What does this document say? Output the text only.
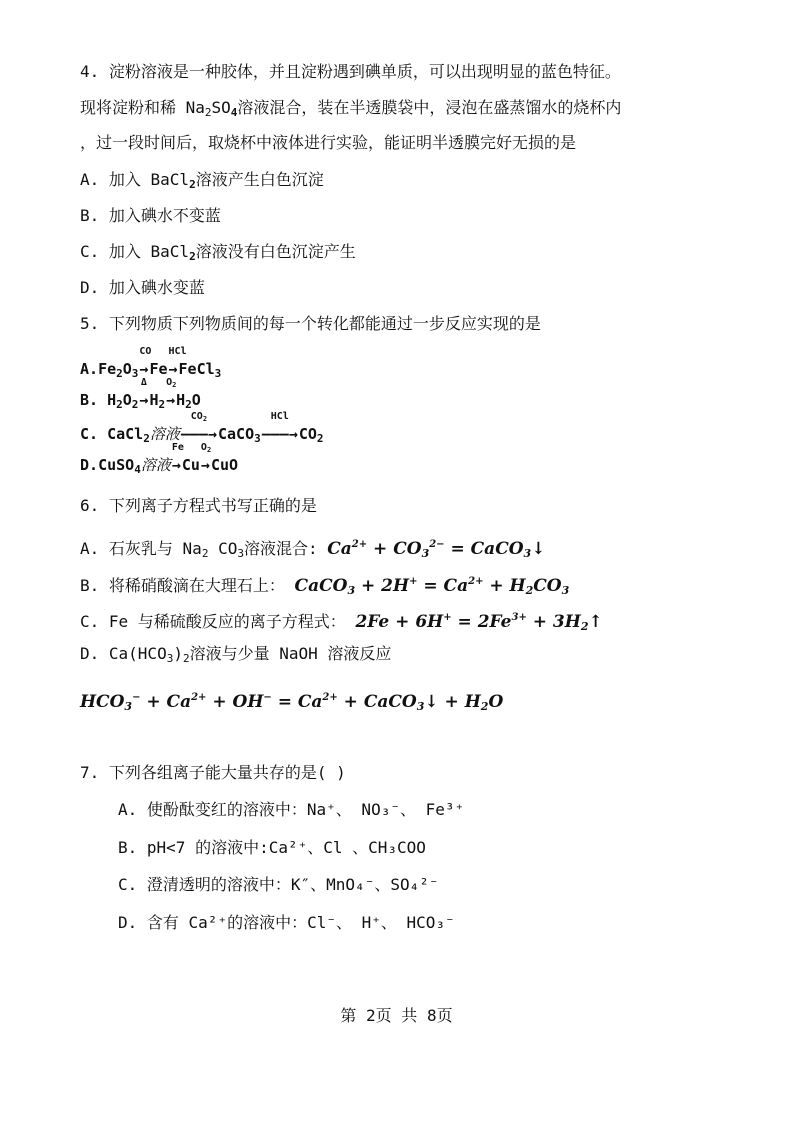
4. 淀粉溶液是一种胶体，并且淀粉遇到碘单质，可以出现明显的蓝色特征。
现将淀粉和稀 $Na_2SO_4$溶液混合，装在半透膜袋中，浸泡在盛蒸馏水的烧杯内
，过一段时间后，取烧杯中液体进行实验，能证明半透膜完好无损的是
A. 加入 BaCl$_2$溶液产生白色沉淀
B. 加入碘水不变蓝
C. 加入 BaCl$_2$溶液没有白色沉淀产生
D. 加入碘水变蓝
5. 下列物质下列物质间的每一个转化都能通过一步反应实现的是
$A.Fe_2O_3$
CO
→Fe
HCl
→FeCl$_3$
B. $H_2O_2$
Δ
$\to H_2$
$O_2$
$\to H_2O$
C. CaCl$_2$溶液
$CO_2$
———→CaCO$_3$
HCl
$———\to CO_2$
D.CuSO$_4$溶液
Fe
→Cu
$O_2$
→CuO
6. 下列离子方程式书写正确的是
A. 石灰乳与 $Na_2$ $CO_3$溶液混合: $Ca^{2+} + CO_3^{2-}$ = CaCO$_3$↓
B. 将稀硝酸滴在大理石上： CaCO$_3$ + $2H^+ = Ca^{2+} + H_2CO_3$
C. Fe 与稀硫酸反应的离子方程式： $2Fe + 6H^+ = 2Fe^{3+}$ + $3H_2↑$
D. $Ca(HCO_3)_2$溶液与少量 NaOH 溶液反应
$HCO_3^- + Ca^{2+} + OH^- = Ca^{2+}$ + CaCO$_3$↓ + $H_2O$
7. 下列各组离子能大量共存的是( )
A. 使酚酞变红的溶液中：Na⁺、 NO₃⁻、 Fe³⁺
B. pH<7 的溶液中:Ca²⁺、Cl 、CH₃COO
C. 澄清透明的溶液中：K″、MnO₄⁻、SO₄²⁻
D. 含有 Ca²⁺的溶液中：Cl⁻、 H⁺、 HCO₃⁻
第 2页 共 8页
